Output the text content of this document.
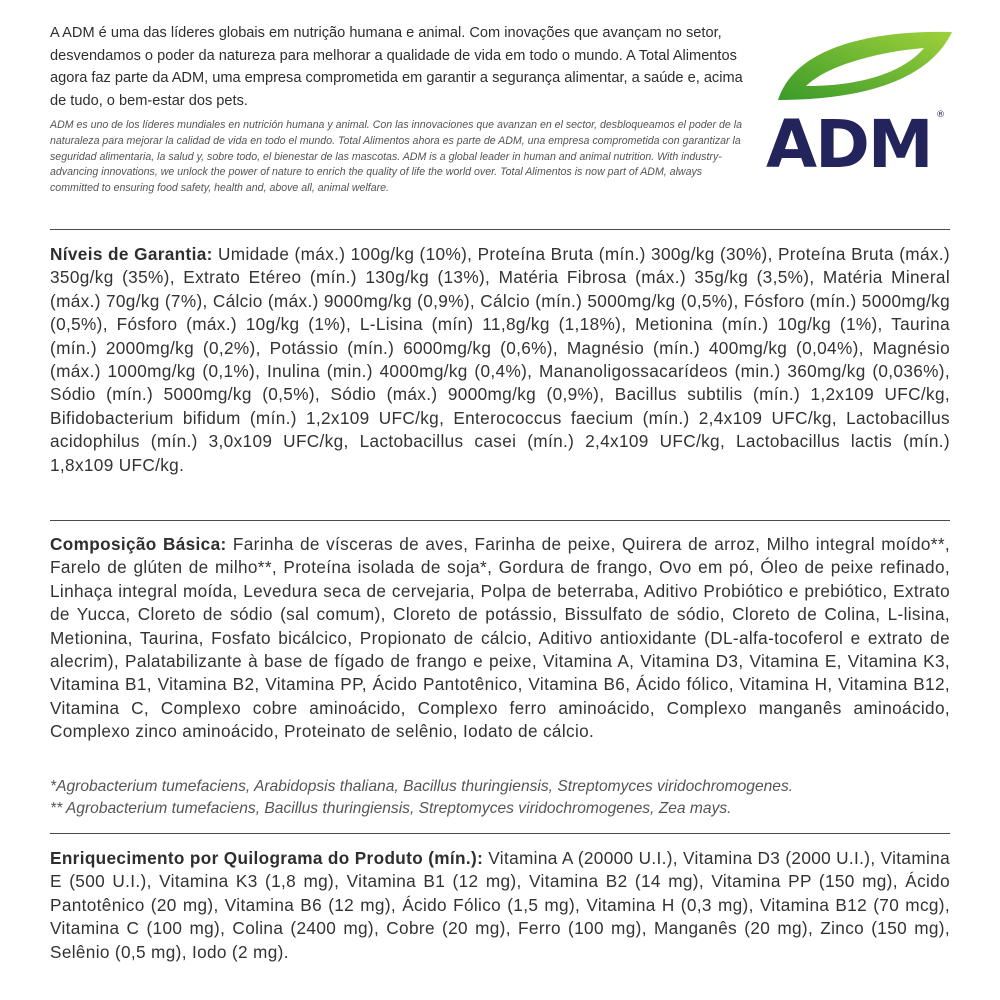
A ADM é uma das líderes globais em nutrição humana e animal. Com inovações que avançam no setor, desvendamos o poder da natureza para melhorar a qualidade de vida em todo o mundo. A Total Alimentos agora faz parte da ADM, uma empresa comprometida em garantir a segurança alimentar, a saúde e, acima de tudo, o bem-estar dos pets.

ADM es uno de los líderes mundiales en nutrición humana y animal. Con las innovaciones que avanzan en el sector, desbloqueamos el poder de la naturaleza para mejorar la calidad de vida en todo el mundo. Total Alimentos ahora es parte de ADM, una empresa comprometida con garantizar la seguridad alimentaria, la salud y, sobre todo, el bienestar de las mascotas. ADM is a global leader in human and animal nutrition. With industry-advancing innovations, we unlock the power of nature to enrich the quality of life the world over. Total Alimentos is now part of ADM, always committed to ensuring food safety, health and, above all, animal welfare.

ADM ®

Níveis de Garantia: Umidade (máx.) 100g/kg (10%), Proteína Bruta (mín.) 300g/kg (30%), Proteína Bruta (máx.) 350g/kg (35%), Extrato Etéreo (mín.) 130g/kg (13%), Matéria Fibrosa (máx.) 35g/kg (3,5%), Matéria Mineral (máx.) 70g/kg (7%), Cálcio (máx.) 9000mg/kg (0,9%), Cálcio (mín.) 5000mg/kg (0,5%), Fósforo (mín.) 5000mg/kg (0,5%), Fósforo (máx.) 10g/kg (1%), L-Lisina (mín) 11,8g/kg (1,18%), Metionina (mín.) 10g/kg (1%), Taurina (mín.) 2000mg/kg (0,2%), Potássio (mín.) 6000mg/kg (0,6%), Magnésio (mín.) 400mg/kg (0,04%), Magnésio (máx.) 1000mg/kg (0,1%), Inulina (min.) 4000mg/kg (0,4%), Mananoligossacarídeos (min.) 360mg/kg (0,036%), Sódio (mín.) 5000mg/kg (0,5%), Sódio (máx.) 9000mg/kg (0,9%), Bacillus subtilis (mín.) 1,2x109 UFC/kg, Bifidobacterium bifidum (mín.) 1,2x109 UFC/kg, Enterococcus faecium (mín.) 2,4x109 UFC/kg, Lactobacillus acidophilus (mín.) 3,0x109 UFC/kg, Lactobacillus casei (mín.) 2,4x109 UFC/kg, Lactobacillus lactis (mín.) 1,8x109 UFC/kg.

Composição Básica: Farinha de vísceras de aves, Farinha de peixe, Quirera de arroz, Milho integral moído**, Farelo de glúten de milho**, Proteína isolada de soja*, Gordura de frango, Ovo em pó, Óleo de peixe refinado, Linhaça integral moída, Levedura seca de cervejaria, Polpa de beterraba, Aditivo Probiótico e prebiótico, Extrato de Yucca, Cloreto de sódio (sal comum), Cloreto de potássio, Bissulfato de sódio, Cloreto de Colina, L-lisina, Metionina, Taurina, Fosfato bicálcico, Propionato de cálcio, Aditivo antioxidante (DL-alfa-tocoferol e extrato de alecrim), Palatabilizante à base de fígado de frango e peixe, Vitamina A, Vitamina D3, Vitamina E, Vitamina K3, Vitamina B1, Vitamina B2, Vitamina PP, Ácido Pantotênico, Vitamina B6, Ácido fólico, Vitamina H, Vitamina B12, Vitamina C, Complexo cobre aminoácido, Complexo ferro aminoácido, Complexo manganês aminoácido, Complexo zinco aminoácido, Proteinato de selênio, Iodato de cálcio.

*Agrobacterium tumefaciens, Arabidopsis thaliana, Bacillus thuringiensis, Streptomyces viridochromogenes.

** Agrobacterium tumefaciens, Bacillus thuringiensis, Streptomyces viridochromogenes, Zea mays.

Enriquecimento por Quilograma do Produto (mín.): Vitamina A (20000 U.I.), Vitamina D3 (2000 U.I.), Vitamina E (500 U.I.), Vitamina K3 (1,8 mg), Vitamina B1 (12 mg), Vitamina B2 (14 mg), Vitamina PP (150 mg), Ácido Pantotênico (20 mg), Vitamina B6 (12 mg), Ácido Fólico (1,5 mg), Vitamina H (0,3 mg), Vitamina B12 (70 mcg), Vitamina C (100 mg), Colina (2400 mg), Cobre (20 mg), Ferro (100 mg), Manganês (20 mg), Zinco (150 mg), Selênio (0,5 mg), Iodo (2 mg).
